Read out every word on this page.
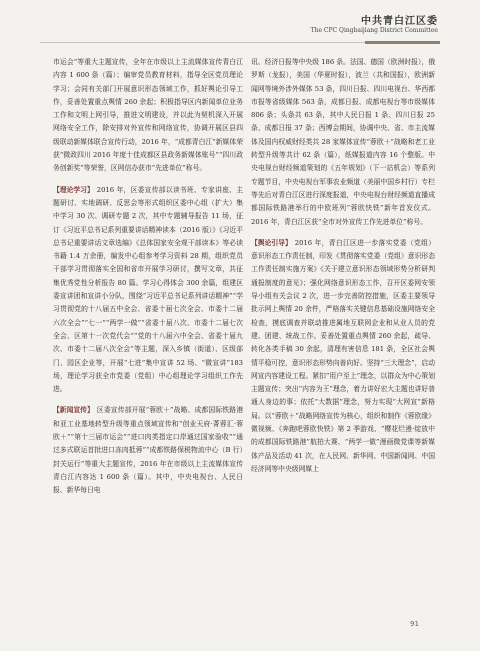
中共青白江区委
The CPC Qingbaijiang District Committee

市运会”等重大主题宣传，全年在市级以上主流媒体宣传青白江内容 1 600 条（篇）；编审党员教育材料，指导全区党员理论学习；会同有关部门开展意识形态领域工作，抓好舆论引导工作，妥善处置重点舆情 260 余起；积极指导区内新闻单位业务工作和文明上网引导，推进文明建设，并以此为契机深入开展网络安全工作，除安排对外宣传和网络宣传，协调开展区县四级联动新媒体联合宣传行动，2016 年，“成都青白江”新媒体荣获“微政四川 2016 年度十佳成都区县政务新媒体账号”“四川政务创新奖”等荣誉，区网信办获市“先进单位”称号。

【理论学习】 2016 年，区委宣传部以读书班、专家讲座、主题研讨、实地调研、反思会等形式组织区委中心组（扩大）集中学习 30 次、调研专题 2 次，其中专题辅导报告 11 场，征订《习近平总书记系列重要讲话精神读本（2016 版）》《习近平总书记重要讲话文章选编》《总体国家安全观干部读本》等必读书籍 1.4 万余册，编发中心组参考学习资料 28 期，组织党员干部学习贯彻落实全国和省市开展学习研讨，撰写文章，共征集优秀党性分析报告 80 篇。学习心得体会 300 余篇，组建区委宣讲团和宣讲小分队，围绕“习近平总书记系列讲话精神”“学习贯彻党的十八届五中全会、省委十届七次全会、市委十二届六次全会”“七一”“两学一做”“省委十届八次、市委十二届七次全会、区第十一次党代会”“党的十八届六中全会、省委十届九次、市委十二届八次全会”等主题，深入乡镇（街道）、区级部门、园区企业等，开展“七进”集中宣讲 52 场、“微宣讲”183 场，理论学习获全市党委（党组）中心组理论学习组织工作先进。

【新闻宣传】 区委宣传部开展“蓉欧＋”战略、成都国际铁路港和亚工业基地转型升级等重点领域宣传和“创业天府·菁蓉汇·蓉欧＋”“第十三届市运会”“进口肉类指定口岸通过国家验收”“通过多式联运首批进口冻肉抵蓉”“成都铁路保税物流中心（B 行）封关运行”等重大主题宣传，2016 年在市级以上主流媒体宣传青白江内容达 1 600 条（篇）。其中，中央电视台、人民日报、新华每日电

讯、经济日报等中央级 186 条。法国、德国（欧洲时报），俄罗斯（龙报），美国（华夏时报），波兰（共和国报），欧洲新闻网等境外涉外媒体 53 条，四川日报、四川电视台、华西都市报等省级媒体 563 条，成都日报、成都电视台等市级媒体 806 条；头条共 63 条，其中人民日报 1 条、四川日报 25 条、成都日报 37 条；西博会期间，协调中央、省、市主流媒体及国内权威财经类共 28 家媒体宣传“蓉欧＋”战略和老工业转型升级等共计 62 条（篇），纸媒报道内容 16 个整版。中央电视台财经频道策划的《五年规划》（下一站机会）等系列专题节目，中央电视台军事农业频道（美丽中国乡村行）专栏等先后对青白江区进行深度报道，中央电视台财经频道直播成都国际铁路港举行的中欧班列“蓉欧快铁”新年首发仪式。2016 年，青白江区获“全市对外宣传工作先进单位”称号。

【舆论引导】 2016 年，青白江区进一步落实党委（党组）意识形态工作责任制，印发《贯彻落实党委（党组）意识形态工作责任制实施方案》《关于建立意识形态领域形势分析研判通报制度的意见》；强化网络意识形态工作，召开区委网安领导小组有关会议 2 次，进一步完善防控措施，区委主要领导批示网上舆情 20 余件，严格落实关键信息基础设施网络安全检查，摸底调查并联动推进属地互联网企业和从业人员的党建、团建、统战工作。妥善处置重点舆情 260 余起，疏导、转化各类手稿 30 余起，清理有害信息 181 条，全区社会舆情平稳可控，意识形态形势向善向好。坚持“三大理念”，启动网宣内容建设工程。紧扣“用户至上”理念，以群众为中心策划主题宣传；突出“内容为王”理念，着力讲好宏大主题也讲好普通人身边的事；依托“大数据”理念，努力实现“大网宣”新格局。以“蓉欧＋”战略网络宣传为核心，组织和制作《蓉欧缘》微视频、《奔跑吧蓉欧快铁》第 2 季游戏、“樱花烂漫·绽放中的成都国际铁路港”航拍大赛、“两学一做”漫画微党课等新媒体产品及活动 41 次，在人民网、新华网、中国新闻网、中国经济网等中央级网媒上

91
